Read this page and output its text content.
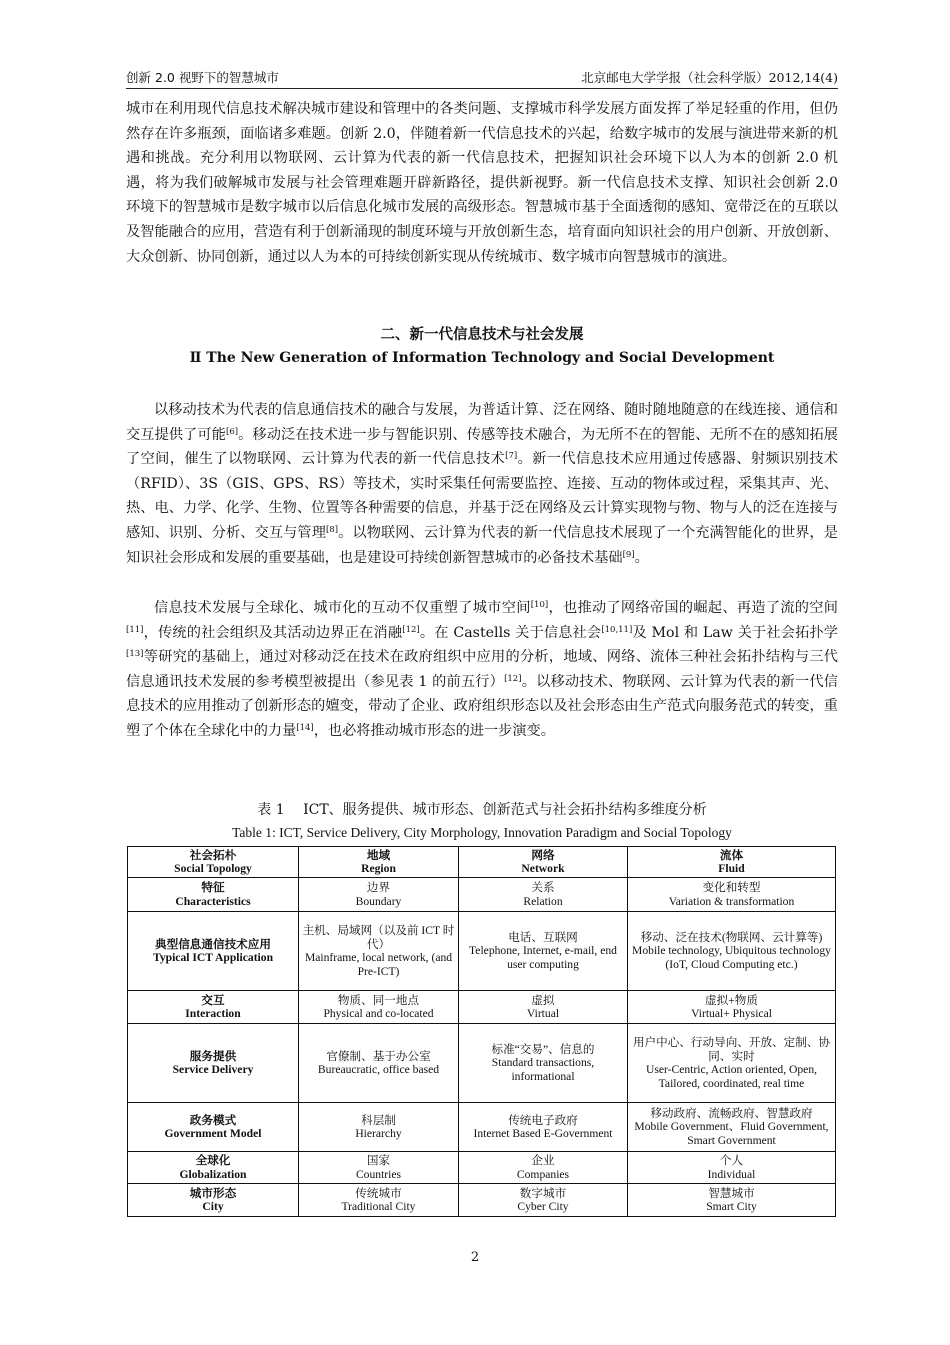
创新 2.0 视野下的智慧城市	北京邮电大学学报（社会科学版）2012,14(4)

城市在利用现代信息技术解决城市建设和管理中的各类问题、支撑城市科学发展方面发挥了举足轻重的作用，但仍然存在许多瓶颈，面临诸多难题。创新 2.0，伴随着新一代信息技术的兴起，给数字城市的发展与演进带来新的机遇和挑战。充分利用以物联网、云计算为代表的新一代信息技术，把握知识社会环境下以人为本的创新 2.0 机遇，将为我们破解城市发展与社会管理难题开辟新路径，提供新视野。新一代信息技术支撑、知识社会创新 2.0 环境下的智慧城市是数字城市以后信息化城市发展的高级形态。智慧城市基于全面透彻的感知、宽带泛在的互联以及智能融合的应用，营造有利于创新涌现的制度环境与开放创新生态，培育面向知识社会的用户创新、开放创新、大众创新、协同创新，通过以人为本的可持续创新实现从传统城市、数字城市向智慧城市的演进。

二、新一代信息技术与社会发展
Ⅱ The New Generation of Information Technology and Social Development

以移动技术为代表的信息通信技术的融合与发展，为普适计算、泛在网络、随时随地随意的在线连接、通信和交互提供了可能[6]。移动泛在技术进一步与智能识别、传感等技术融合，为无所不在的智能、无所不在的感知拓展了空间，催生了以物联网、云计算为代表的新一代信息技术[7]。新一代信息技术应用通过传感器、射频识别技术（RFID）、3S（GIS、GPS、RS）等技术，实时采集任何需要监控、连接、互动的物体或过程，采集其声、光、热、电、力学、化学、生物、位置等各种需要的信息，并基于泛在网络及云计算实现物与物、物与人的泛在连接与感知、识别、分析、交互与管理[8]。以物联网、云计算为代表的新一代信息技术展现了一个充满智能化的世界，是知识社会形成和发展的重要基础，也是建设可持续创新智慧城市的必备技术基础[9]。

信息技术发展与全球化、城市化的互动不仅重塑了城市空间[10]，也推动了网络帝国的崛起、再造了流的空间[11]，传统的社会组织及其活动边界正在消融[12]。在 Castells 关于信息社会[10,11]及 Mol 和 Law 关于社会拓扑学[13]等研究的基础上，通过对移动泛在技术在政府组织中应用的分析，地域、网络、流体三种社会拓扑结构与三代信息通讯技术发展的参考模型被提出（参见表 1 的前五行）[12]。以移动技术、物联网、云计算为代表的新一代信息技术的应用推动了创新形态的嬗变，带动了企业、政府组织形态以及社会形态由生产范式向服务范式的转变，重塑了个体在全球化中的力量[14]，也必将推动城市形态的进一步演变。

表 1　 ICT、服务提供、城市形态、创新范式与社会拓扑结构多维度分析
Table 1: ICT, Service Delivery, City Morphology, Innovation Paradigm and Social Topology
社会拓朴
Social Topology	地域
Region	网络
Network	流体
Fluid

特征
Characteristics	边界
Boundary	关系
Relation	变化和转型
Variation & transformation

典型信息通信技术应用
Typical ICT Application	主机、局域网（以及前 ICT 时代）
Mainframe, local network, (and Pre-ICT)	电话、互联网
Telephone, Internet, e-mail, end user computing	移动、泛在技术(物联网、云计算等)
Mobile technology, Ubiquitous technology (IoT, Cloud Computing etc.)

交互
Interaction	物质、同一地点
Physical and co-located	虚拟
Virtual	虚拟+物质
Virtual+ Physical

服务提供
Service Delivery	官僚制、基于办公室
Bureaucratic, office based	标准“交易”、信息的
Standard transactions, informational	用户中心、行动导向、开放、定制、协同、实时
User-Centric, Action oriented, Open, Tailored, coordinated, real time

政务模式
Government Model	科层制
Hierarchy	传统电子政府
Internet Based E-Government	移动政府、流畅政府、智慧政府
Mobile Government、Fluid Government, Smart Government

全球化
Globalization	国家
Countries	企业
Companies	个人
Individual

城市形态
City	传统城市
Traditional City	数字城市
Cyber City	智慧城市
Smart City
2
